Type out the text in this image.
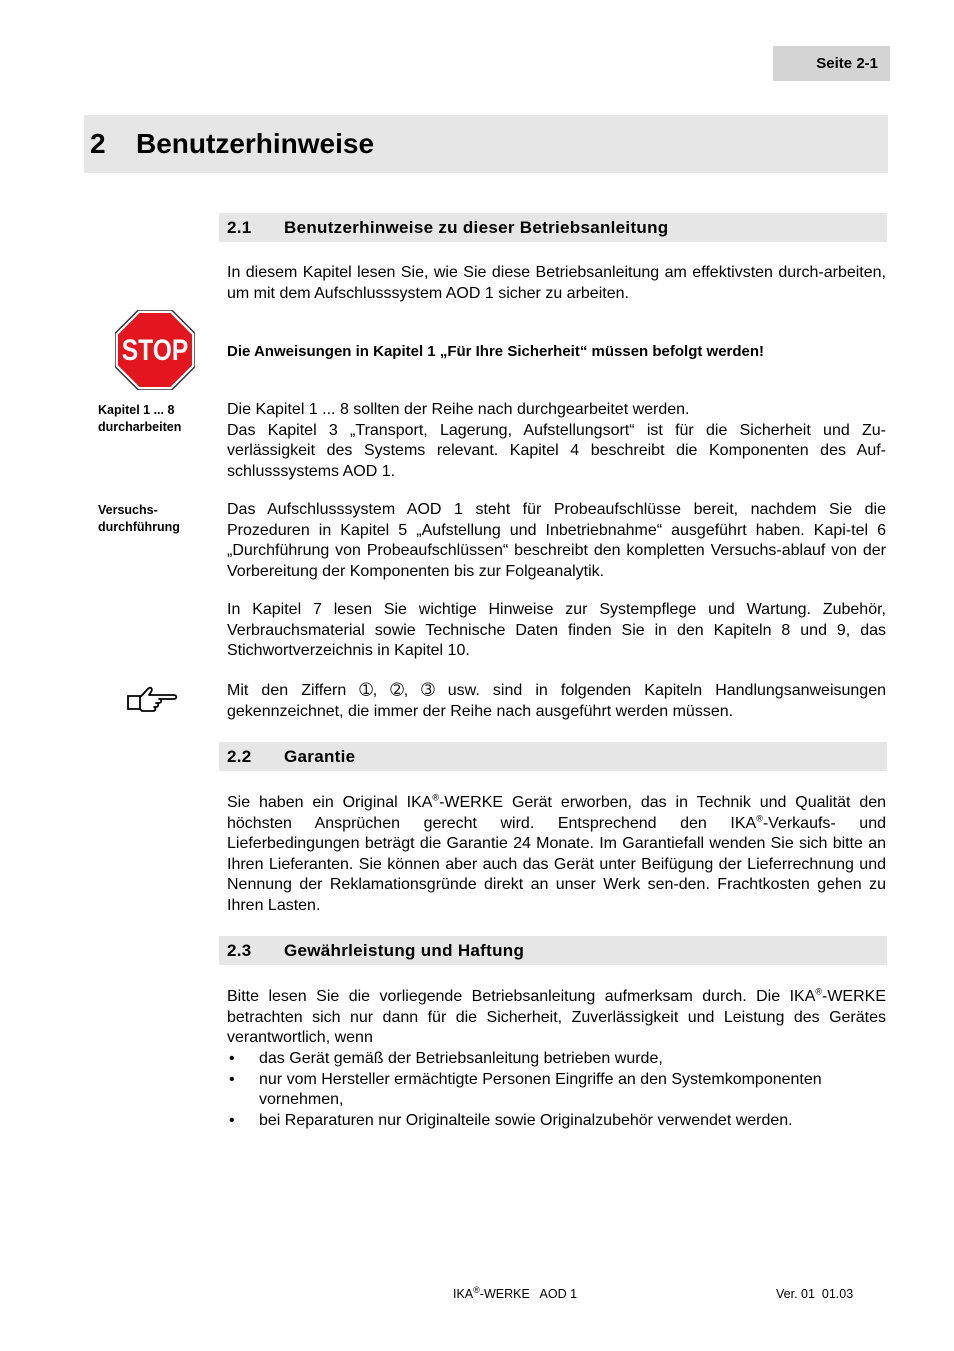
Seite 2-1
2	Benutzerhinweise
2.1	Benutzerhinweise zu dieser Betriebsanleitung

In diesem Kapitel lesen Sie, wie Sie diese Betriebsanleitung am effektivsten durch-arbeiten, um mit dem Aufschlusssystem AOD 1 sicher zu arbeiten.

STOP	Die Anweisungen in Kapitel 1 „Für Ihre Sicherheit“ müssen befolgt werden!
Kapitel 1 ... 8 durcharbeiten

Die Kapitel 1 ... 8 sollten der Reihe nach durchgearbeitet werden.

Das Kapitel 3 „Transport, Lagerung, Aufstellungsort“ ist für die Sicherheit und Zu-verlässigkeit des Systems relevant. Kapitel 4 beschreibt die Komponenten des Auf-schlusssystems AOD 1.

Versuchs- durchführung

Das Aufschlusssystem AOD 1 steht für Probeaufschlüsse bereit, nachdem Sie die Prozeduren in Kapitel 5 „Aufstellung und Inbetriebnahme“ ausgeführt haben. Kapi-tel 6 „Durchführung von Probeaufschlüssen“ beschreibt den kompletten Versuchs-ablauf von der Vorbereitung der Komponenten bis zur Folgeanalytik.

In Kapitel 7 lesen Sie wichtige Hinweise zur Systempflege und Wartung. Zubehör, Verbrauchsmaterial sowie Technische Daten finden Sie in den Kapiteln 8 und 9, das Stichwortverzeichnis in Kapitel 10.

Mit den Ziffern ➀, ➁, ➂ usw. sind in folgenden Kapiteln Handlungsanweisungen gekennzeichnet, die immer der Reihe nach ausgeführt werden müssen.

2.2	Garantie

Sie haben ein Original IKA®-WERKE Gerät erworben, das in Technik und Qualität den höchsten Ansprüchen gerecht wird. Entsprechend den IKA®-Verkaufs- und Lieferbedingungen beträgt die Garantie 24 Monate. Im Garantiefall wenden Sie sich bitte an Ihren Lieferanten. Sie können aber auch das Gerät unter Beifügung der Lieferrechnung und Nennung der Reklamationsgründe direkt an unser Werk sen-den. Frachtkosten gehen zu Ihren Lasten.

2.3	Gewährleistung und Haftung

Bitte lesen Sie die vorliegende Betriebsanleitung aufmerksam durch. Die IKA®-WERKE betrachten sich nur dann für die Sicherheit, Zuverlässigkeit und Leistung des Gerätes verantwortlich, wenn

• das Gerät gemäß der Betriebsanleitung betrieben wurde,
• nur vom Hersteller ermächtigte Personen Eingriffe an den Systemkomponenten vornehmen,
• bei Reparaturen nur Originalteile sowie Originalzubehör verwendet werden.
IKA®-WERKE   AOD 1	Ver. 01  01.03
